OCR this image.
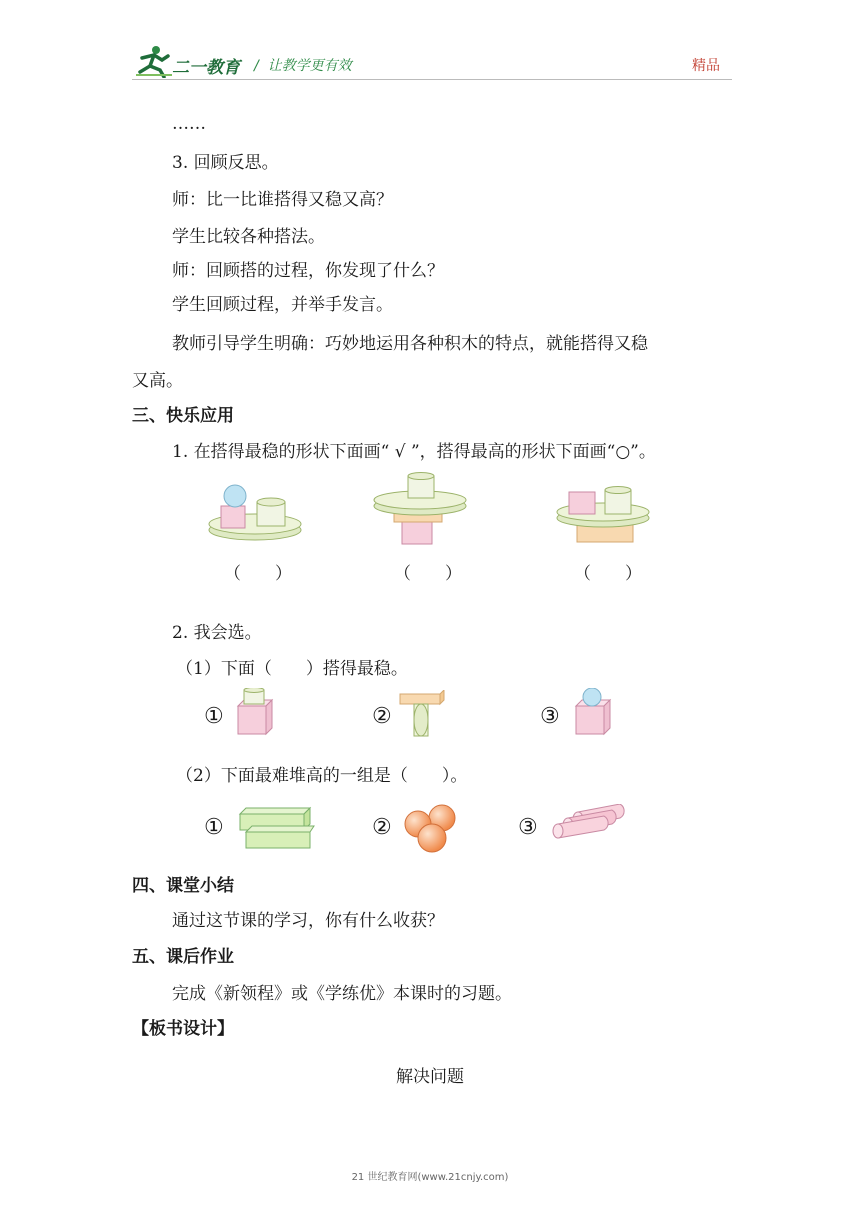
二一教育 / 让教学更有效	精品
……
3. 回顾反思。
师：比一比谁搭得又稳又高？
学生比较各种搭法。
师：回顾搭的过程，你发现了什么？
学生回顾过程，并举手发言。
教师引导学生明确：巧妙地运用各种积木的特点，就能搭得又稳
又高。
三、快乐应用
1. 在搭得最稳的形状下面画“ √ ”，搭得最高的形状下面画“○”。
（　　）	（　　）	（　　）
2. 我会选。
（1）下面（　　）搭得最稳。
①	②	③
（2）下面最难堆高的一组是（　　）。
①	②	③
四、课堂小结
通过这节课的学习，你有什么收获？
五、课后作业
完成《新领程》或《学练优》本课时的习题。
【板书设计】
解决问题
21 世纪教育网(www.21cnjy.com)
